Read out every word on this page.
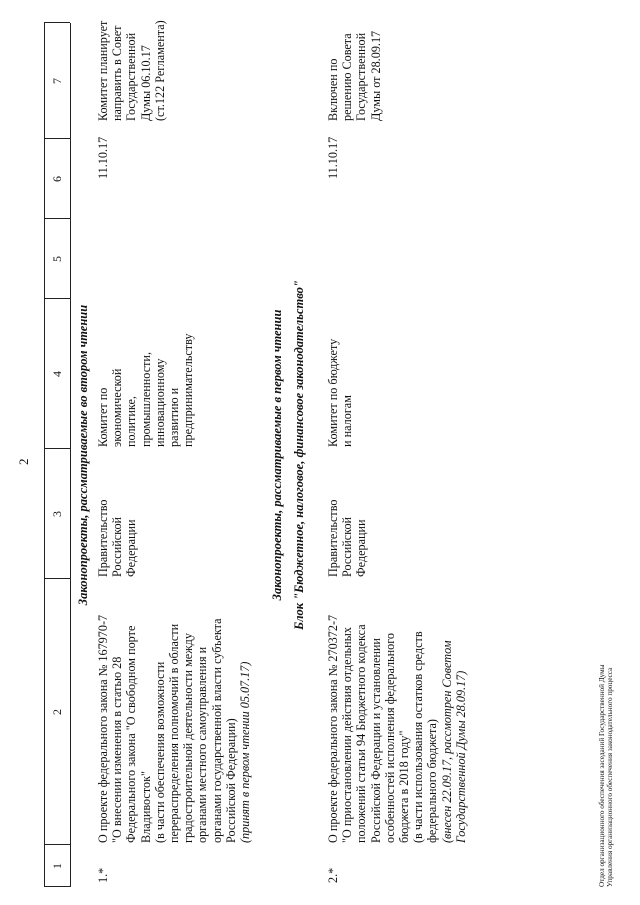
2
1
2
3
4
5
6
7
Законопроекты, рассматриваемые во втором чтении
1.*
О проекте федерального закона № 167970-7 "О внесении изменения в статью 28 Федерального закона "О свободном порте Владивосток" (в части обеспечения возможности перераспределения полномочий в области градостроительной деятельности между органами местного самоуправления и органами государственной власти субъекта Российской Федерации) (принят в первом чтении 05.07.17)
Правительство Российской Федерации
Комитет по экономической политике, промышленности, инновационному развитию и предпринимательству
11.10.17
Комитет планирует направить в Совет Государственной Думы 06.10.17 (ст.122 Регламента)
Законопроекты, рассматриваемые в первом чтении Блок "Бюджетное, налоговое, финансовое законодательство"
2.*
О проекте федерального закона № 270372-7 "О приостановлении действия отдельных положений статьи 94 Бюджетного кодекса Российской Федерации и установлении особенностей исполнения федерального бюджета в 2018 году" (в части использования остатков средств федерального бюджета) (внесен 22.09.17, рассмотрен Советом Государственной Думы 28.09.17)
Правительство Российской Федерации
Комитет по бюджету и налогам
11.10.17
Включен по решению Совета Государственной Думы от 28.09.17
Отдел организационного обеспечения заседаний Государственной Думы Управления организационного обеспечения законодательного процесса
